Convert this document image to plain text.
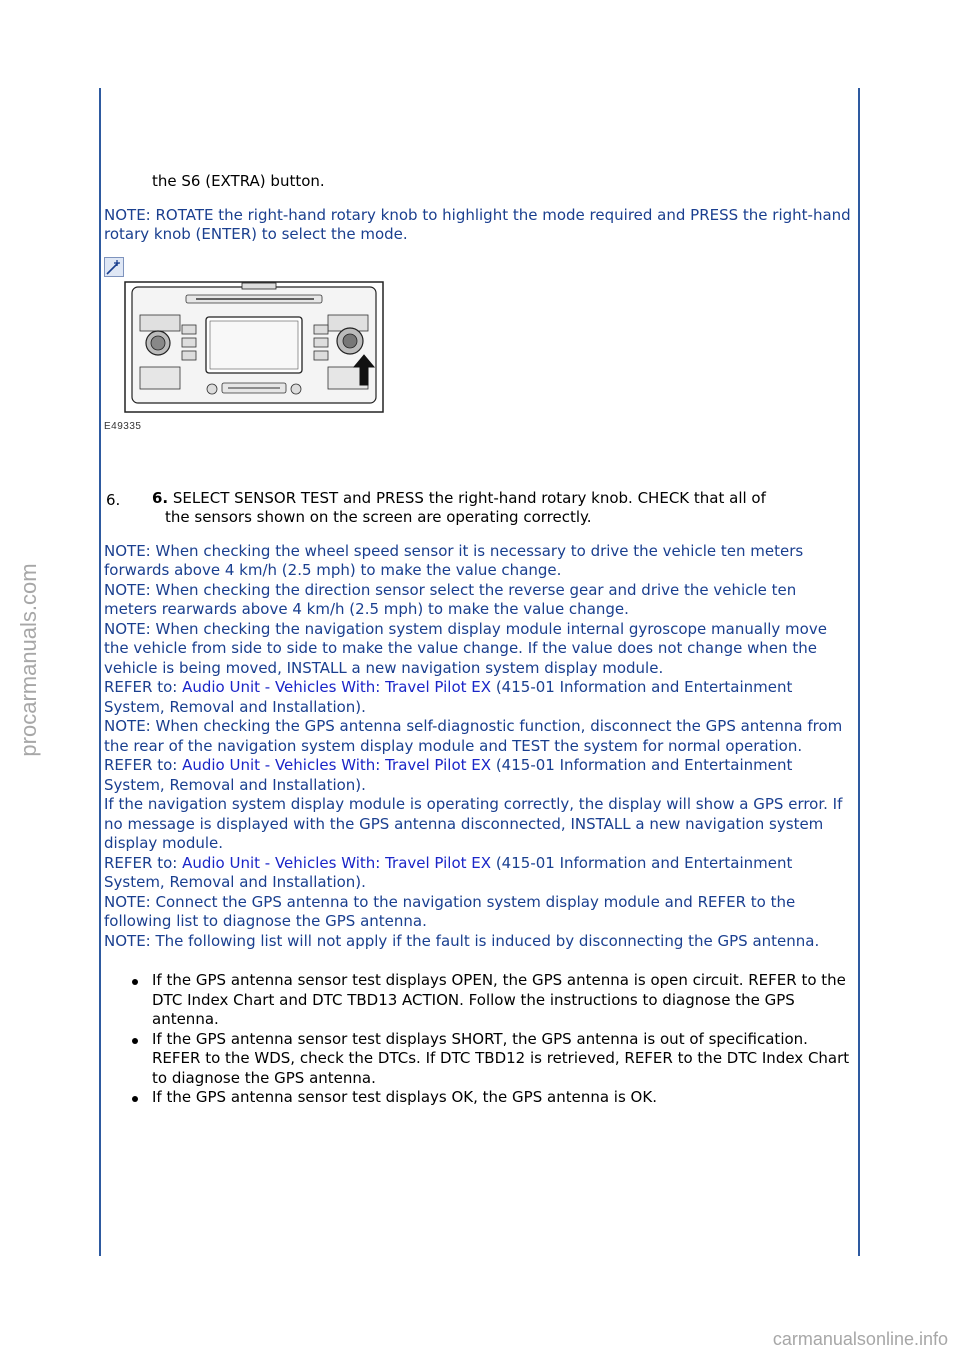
procarmanuals.com
carmanualsonline.info

the S6 (EXTRA) button.

NOTE: ROTATE the right-hand rotary knob to highlight the mode required and PRESS the right-hand rotary knob (ENTER) to select the mode.

E49335
6. 6. SELECT SENSOR TEST and PRESS the right-hand rotary knob. CHECK that all of
the sensors shown on the screen are operating correctly.

NOTE: When checking the wheel speed sensor it is necessary to drive the vehicle ten meters forwards above 4 km/h (2.5 mph) to make the value change.

NOTE: When checking the direction sensor select the reverse gear and drive the vehicle ten meters rearwards above 4 km/h (2.5 mph) to make the value change.

NOTE: When checking the navigation system display module internal gyroscope manually move the vehicle from side to side to make the value change. If the value does not change when the vehicle is being moved, INSTALL a new navigation system display module.

REFER to: Audio Unit - Vehicles With: Travel Pilot EX (415-01 Information and Entertainment System, Removal and Installation).

NOTE: When checking the GPS antenna self-diagnostic function, disconnect the GPS antenna from the rear of the navigation system display module and TEST the system for normal operation.

REFER to: Audio Unit - Vehicles With: Travel Pilot EX (415-01 Information and Entertainment System, Removal and Installation).

If the navigation system display module is operating correctly, the display will show a GPS error. If no message is displayed with the GPS antenna disconnected, INSTALL a new navigation system display module.

REFER to: Audio Unit - Vehicles With: Travel Pilot EX (415-01 Information and Entertainment System, Removal and Installation).

NOTE: Connect the GPS antenna to the navigation system display module and REFER to the following list to diagnose the GPS antenna.

NOTE: The following list will not apply if the fault is induced by disconnecting the GPS antenna.

If the GPS antenna sensor test displays OPEN, the GPS antenna is open circuit. REFER to the DTC Index Chart and DTC TBD13 ACTION. Follow the instructions to diagnose the GPS antenna.
If the GPS antenna sensor test displays SHORT, the GPS antenna is out of specification. REFER to the WDS, check the DTCs. If DTC TBD12 is retrieved, REFER to the DTC Index Chart to diagnose the GPS antenna.
If the GPS antenna sensor test displays OK, the GPS antenna is OK.
